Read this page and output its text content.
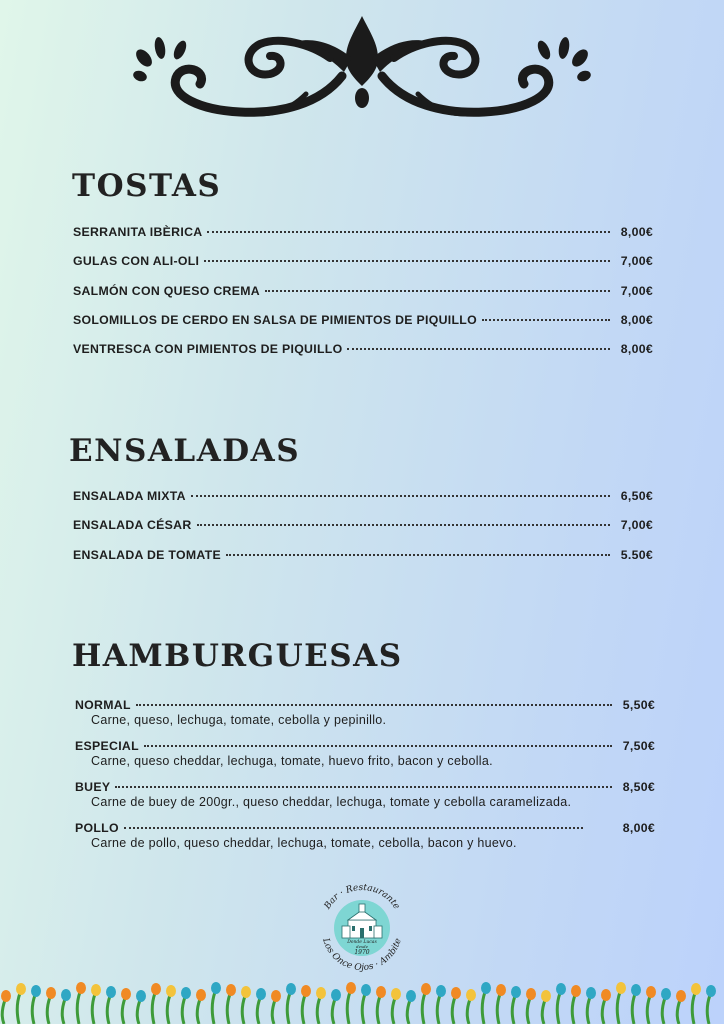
TOSTAS
SERRANITA IBÈRICA	8,00€
GULAS CON ALI-OLI	7,00€
SALMÓN CON QUESO CREMA	7,00€
SOLOMILLOS DE CERDO EN SALSA DE PIMIENTOS DE PIQUILLO	8,00€
VENTRESCA CON PIMIENTOS DE PIQUILLO	8,00€
ENSALADAS
ENSALADA MIXTA	6,50€
ENSALADA CÉSAR	7,00€
ENSALADA DE TOMATE	5.50€
HAMBURGUESAS
NORMAL	5,50€
Carne, queso, lechuga, tomate, cebolla y pepinillo.
ESPECIAL	7,50€
Carne, queso cheddar, lechuga, tomate, huevo frito, bacon y cebolla.
BUEY	8,50€
Carne de buey de 200gr., queso cheddar, lechuga, tomate y cebolla caramelizada.
POLLO	8,00€
Carne de pollo, queso cheddar, lechuga, tomate, cebolla, bacon y huevo.
Donde Lucas
desde
1970
Bar · Restaurante
Los Once Ojos · Ambite
